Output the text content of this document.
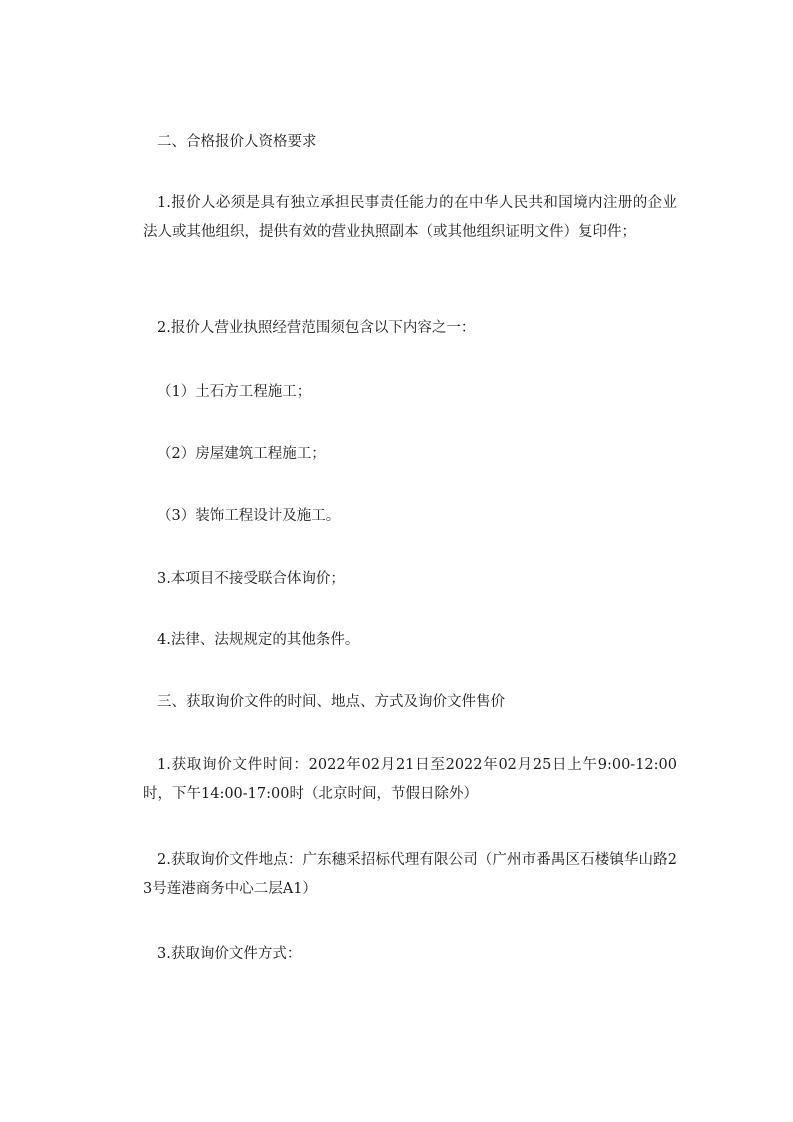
二、合格报价人资格要求

1.报价人必须是具有独立承担民事责任能力的在中华人民共和国境内注册的企业法人或其他组织，提供有效的营业执照副本（或其他组织证明文件）复印件；

2.报价人营业执照经营范围须包含以下内容之一：

（1）土石方工程施工；

（2）房屋建筑工程施工；

（3）装饰工程设计及施工。

3.本项目不接受联合体询价；

4.法律、法规规定的其他条件。

三、获取询价文件的时间、地点、方式及询价文件售价

1.获取询价文件时间：2022年02月21日至2022年02月25日上午9:00-12:00时，下午14:00-17:00时（北京时间，节假日除外）

2.获取询价文件地点：广东穗采招标代理有限公司（广州市番禺区石楼镇华山路23号莲港商务中心二层A1）

3.获取询价文件方式：
